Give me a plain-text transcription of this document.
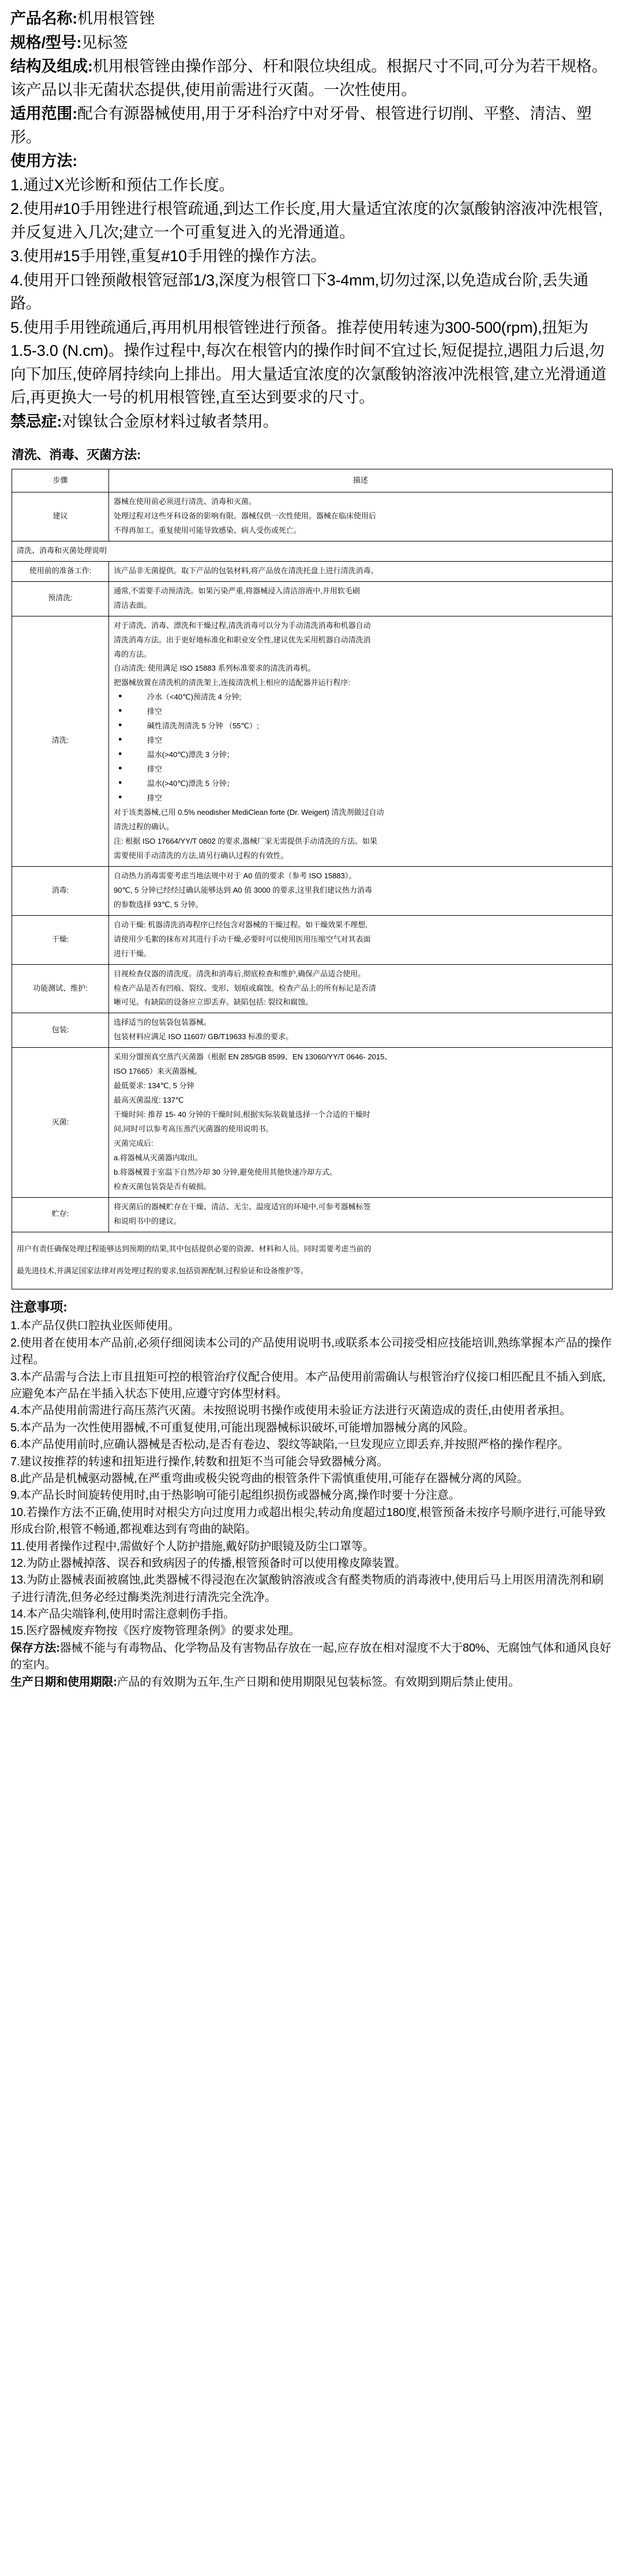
产品名称:机用根管锉

规格/型号:见标签

结构及组成:机用根管锉由操作部分、杆和限位块组成。根据尺寸不同,可分为若干规格。该产品以非无菌状态提供,使用前需进行灭菌。一次性使用。

适用范围:配合有源器械使用,用于牙科治疗中对牙骨、根管进行切削、平整、清洁、塑形。

使用方法:

1.通过X光诊断和预估工作长度。

2.使用#10手用锉进行根管疏通,到达工作长度,用大量适宜浓度的次氯酸钠溶液冲洗根管,并反复进入几次;建立一个可重复进入的光滑通道。

3.使用#15手用锉,重复#10手用锉的操作方法。

4.使用开口锉预敞根管冠部1/3,深度为根管口下3-4mm,切勿过深,以免造成台阶,丢失通路。

5.使用手用锉疏通后,再用机用根管锉进行预备。推荐使用转速为300-500(rpm),扭矩为1.5-3.0 (N.cm)。操作过程中,每次在根管内的操作时间不宜过长,短促提拉,遇阻力后退,勿向下加压,使碎屑持续向上排出。用大量适宜浓度的次氯酸钠溶液冲洗根管,建立光滑通道后,再更换大一号的机用根管锉,直至达到要求的尺寸。

禁忌症:对镍钛合金原材料过敏者禁用。

清洗、消毒、灭菌方法:
步骤	描述
建议	器械在使用前必须进行清洗、消毒和灭菌。

处理过程对这些牙科设备的影响有限。器械仅供一次性使用。器械在临床使用后

不得再加工。重复使用可能导致感染、病人受伤或死亡。

清洗、消毒和灭菌处理说明	
使用前的准备工作:	该产品非无菌提供。取下产品的包装材料,将产品放在清洗托盘上进行清洗消毒。

预清洗:	通常,不需要手动预清洗。如果污染严重,将器械浸入清洁溶液中,并用软毛刷

清洁表面。

清洗:	

对于清洗、消毒、漂洗和干燥过程,清洗消毒可以分为手动清洗消毒和机器自动

清洗消毒方法。出于更好地标准化和职业安全性,建议优先采用机器自动清洗消

毒的方法。

自动清洗: 使用满足 ISO 15883 系列标准要求的清洗消毒机。

把器械放置在清洗机的清洗架上,连接清洗机上相应的适配器并运行程序:

● 冷水（<40℃)预清洗 4 分钟;
● 排空
● 碱性清洗剂清洗 5 分钟 （55℃）;
● 排空
● 温水(>40℃)漂洗 3 分钟；
● 排空
● 温水(>40℃)漂洗 5 分钟；
● 排空

对于该类器械,已用 0.5% neodisher MediClean forte (Dr. Weigert) 清洗剂做过自动

清洗过程的确认。

注: 根据 ISO 17664/YY/T 0802 的要求,器械厂家无需提供手动清洗的方法。如果

需要使用手动清洗的方法,请另行确认过程的有效性。

消毒:	自动热力消毒需要考虑当地法规中对于 A0 值的要求（参考 ISO 15883）。

90℃, 5 分钟已经经过确认能够达到 A0 值 3000 的要求,这里我们建议热力消毒

的参数选择 93℃, 5 分钟。

干燥:	自动干燥: 机器清洗消毒程序已经包含对器械的干燥过程。如干燥效果不理想,

请使用少毛絮的抹布对其进行手动干燥,必要时可以使用医用压缩空气对其表面

进行干燥。

功能测试、维护:	目视检查仪器的清洗度。清洗和消毒后,彻底检查和维护,确保产品适合使用。

检查产品是否有凹痕、裂纹、变形、划痕或腐蚀。检查产品上的所有标记是否清

晰可见。有缺陷的设备应立即丢弃。缺陷包括: 裂纹和腐蚀。

包装:	选择适当的包装袋包装器械。

包装材料应满足 ISO 11607/ GB/T19633 标准的要求。

灭菌:	

采用分馏预真空蒸汽灭菌器（根据 EN 285/GB 8599、EN 13060/YY/T 0646- 2015、

ISO 17665）来灭菌器械。

最低要求: 134℃, 5 分钟

最高灭菌温度: 137℃

干燥时间: 推荐 15- 40 分钟的干燥时间,根据实际装载量选择一个合适的干燥时

间,同时可以参考高压蒸汽灭菌器的使用说明书。

灭菌完成后:

a.将器械从灭菌器内取出。

b.将器械置于室温下自然冷却 30 分钟,避免使用其他快速冷却方式。

检查灭菌包装袋是否有破损。

贮存:	将灭菌后的器械贮存在干燥、清洁、无尘、温度适宜的环境中,可参考器械标签

和说明书中的建议。

用户有责任确保处理过程能够达到预期的结果,其中包括提供必要的资源、材料和人员。同时需要考虑当前的

最先进技术,并满足国家法律对再处理过程的要求,包括资源配制,过程验证和设备维护等。	

注意事项:

1.本产品仅供口腔执业医师使用。

2.使用者在使用本产品前,必须仔细阅读本公司的产品使用说明书,或联系本公司接受相应技能培训,熟练掌握本产品的操作过程。

3.本产品需与合法上市且扭矩可控的根管治疗仪配合使用。本产品使用前需确认与根管治疗仪接口相匹配且不插入到底,应避免本产品在半插入状态下使用,应遵守窍体型材料。

4.本产品使用前需进行高压蒸汽灭菌。未按照说明书操作或使用未验证方法进行灭菌造成的责任,由使用者承担。

5.本产品为一次性使用器械,不可重复使用,可能出现器械标识破坏,可能增加器械分离的风险。

6.本产品使用前时,应确认器械是否松动,是否有卷边、裂纹等缺陷,一旦发现应立即丢弃,并按照严格的操作程序。

7.建议按推荐的转速和扭矩进行操作,转数和扭矩不当可能会导致器械分离。

8.此产品是机械驱动器械,在严重弯曲或极尖锐弯曲的根管条件下需慎重使用,可能存在器械分离的风险。

9.本产品长时间旋转使用时,由于热影响可能引起组织损伤或器械分离,操作时要十分注意。

10.若操作方法不正确,使用时对根尖方向过度用力或超出根尖,转动角度超过180度,根管预备未按序号顺序进行,可能导致形成台阶,根管不畅通,都视难达到有弯曲的缺陷。

11.使用者操作过程中,需做好个人防护措施,戴好防护眼镜及防尘口罩等。

12.为防止器械掉落、误吞和致病因子的传播,根管预备时可以使用橡皮障装置。

13.为防止器械表面被腐蚀,此类器械不得浸泡在次氯酸钠溶液或含有醛类物质的消毒液中,使用后马上用医用清洗剂和刷子进行清洗,但务必经过酶类洗剂进行清洗完全洗净。

14.本产品尖端锋利,使用时需注意刺伤手指。

15.医疗器械废弃物按《医疗废物管理条例》的要求处理。

保存方法:器械不能与有毒物品、化学物品及有害物品存放在一起,应存放在相对湿度不大于80%、无腐蚀气体和通风良好的室内。

生产日期和使用期限:产品的有效期为五年,生产日期和使用期限见包装标签。有效期到期后禁止使用。
